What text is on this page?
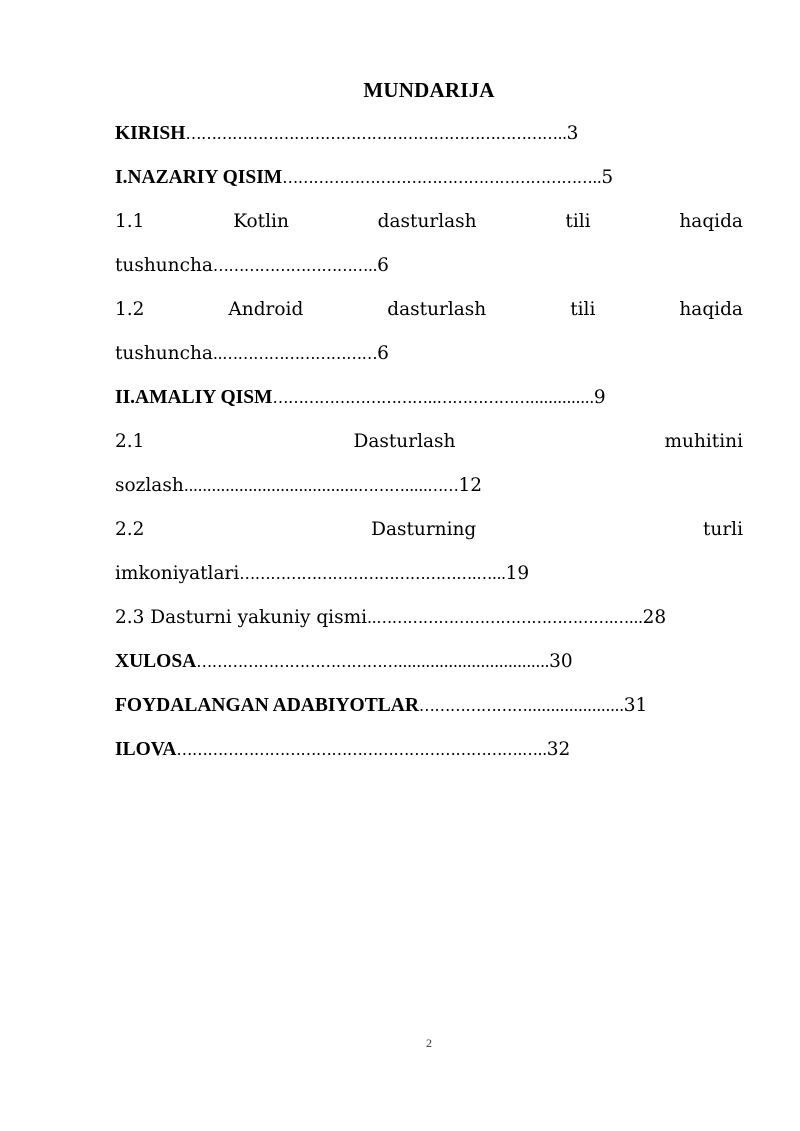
MUNDARIJA
KIRISH………………………………………………………………..3
I.NAZARIY QISIM……………………………………………………..5
1.1	Kotlin	dasturlash	tili	haqida
tushuncha…………………………..6
1.2	Android	dasturlash	tili	haqida
tushuncha..…………………………6
II.AMALIY QISM…………………………..………………..............9
2.1	Dasturlash	muhitini
sozlash......................................……….....……12
2.2	Dasturning	turli
imkoniyatlari……………………………………….…...19
2.3 Dasturni yakuniy qismi..……………………………………….…...28
XULOSA………………………………….................................30
FOYDALANGAN ADABIYOTLAR………………….....................31
ILOVA………………………………………………………….…..32
2
